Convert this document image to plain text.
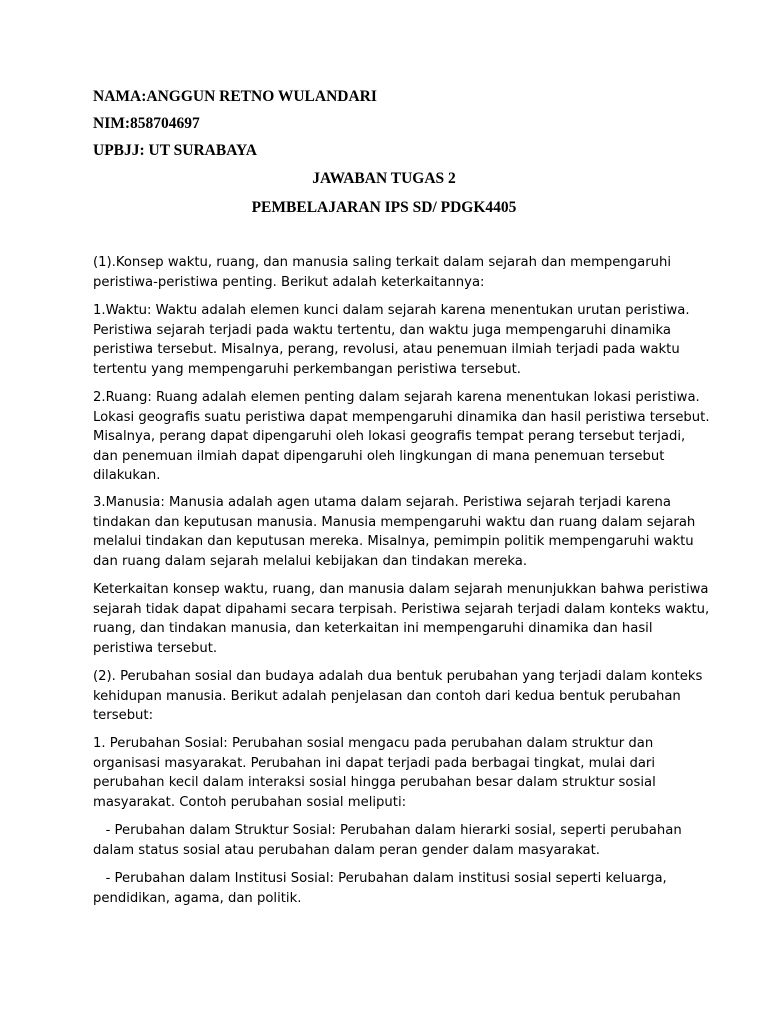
NAMA:ANGGUN RETNO WULANDARI
NIM:858704697
UPBJJ: UT SURABAYA
JAWABAN TUGAS 2
PEMBELAJARAN IPS SD/ PDGK4405
(1).Konsep waktu, ruang, dan manusia saling terkait dalam sejarah dan mempengaruhi
peristiwa-peristiwa penting. Berikut adalah keterkaitannya:
1.Waktu: Waktu adalah elemen kunci dalam sejarah karena menentukan urutan peristiwa.
Peristiwa sejarah terjadi pada waktu tertentu, dan waktu juga mempengaruhi dinamika
peristiwa tersebut. Misalnya, perang, revolusi, atau penemuan ilmiah terjadi pada waktu
tertentu yang mempengaruhi perkembangan peristiwa tersebut.
2.Ruang: Ruang adalah elemen penting dalam sejarah karena menentukan lokasi peristiwa.
Lokasi geografis suatu peristiwa dapat mempengaruhi dinamika dan hasil peristiwa tersebut.
Misalnya, perang dapat dipengaruhi oleh lokasi geografis tempat perang tersebut terjadi,
dan penemuan ilmiah dapat dipengaruhi oleh lingkungan di mana penemuan tersebut
dilakukan.
3.Manusia: Manusia adalah agen utama dalam sejarah. Peristiwa sejarah terjadi karena
tindakan dan keputusan manusia. Manusia mempengaruhi waktu dan ruang dalam sejarah
melalui tindakan dan keputusan mereka. Misalnya, pemimpin politik mempengaruhi waktu
dan ruang dalam sejarah melalui kebijakan dan tindakan mereka.
Keterkaitan konsep waktu, ruang, dan manusia dalam sejarah menunjukkan bahwa peristiwa
sejarah tidak dapat dipahami secara terpisah. Peristiwa sejarah terjadi dalam konteks waktu,
ruang, dan tindakan manusia, dan keterkaitan ini mempengaruhi dinamika dan hasil
peristiwa tersebut.
(2). Perubahan sosial dan budaya adalah dua bentuk perubahan yang terjadi dalam konteks
kehidupan manusia. Berikut adalah penjelasan dan contoh dari kedua bentuk perubahan
tersebut:
1. Perubahan Sosial: Perubahan sosial mengacu pada perubahan dalam struktur dan
organisasi masyarakat. Perubahan ini dapat terjadi pada berbagai tingkat, mulai dari
perubahan kecil dalam interaksi sosial hingga perubahan besar dalam struktur sosial
masyarakat. Contoh perubahan sosial meliputi:
- Perubahan dalam Struktur Sosial: Perubahan dalam hierarki sosial, seperti perubahan
dalam status sosial atau perubahan dalam peran gender dalam masyarakat.
- Perubahan dalam Institusi Sosial: Perubahan dalam institusi sosial seperti keluarga,
pendidikan, agama, dan politik.
